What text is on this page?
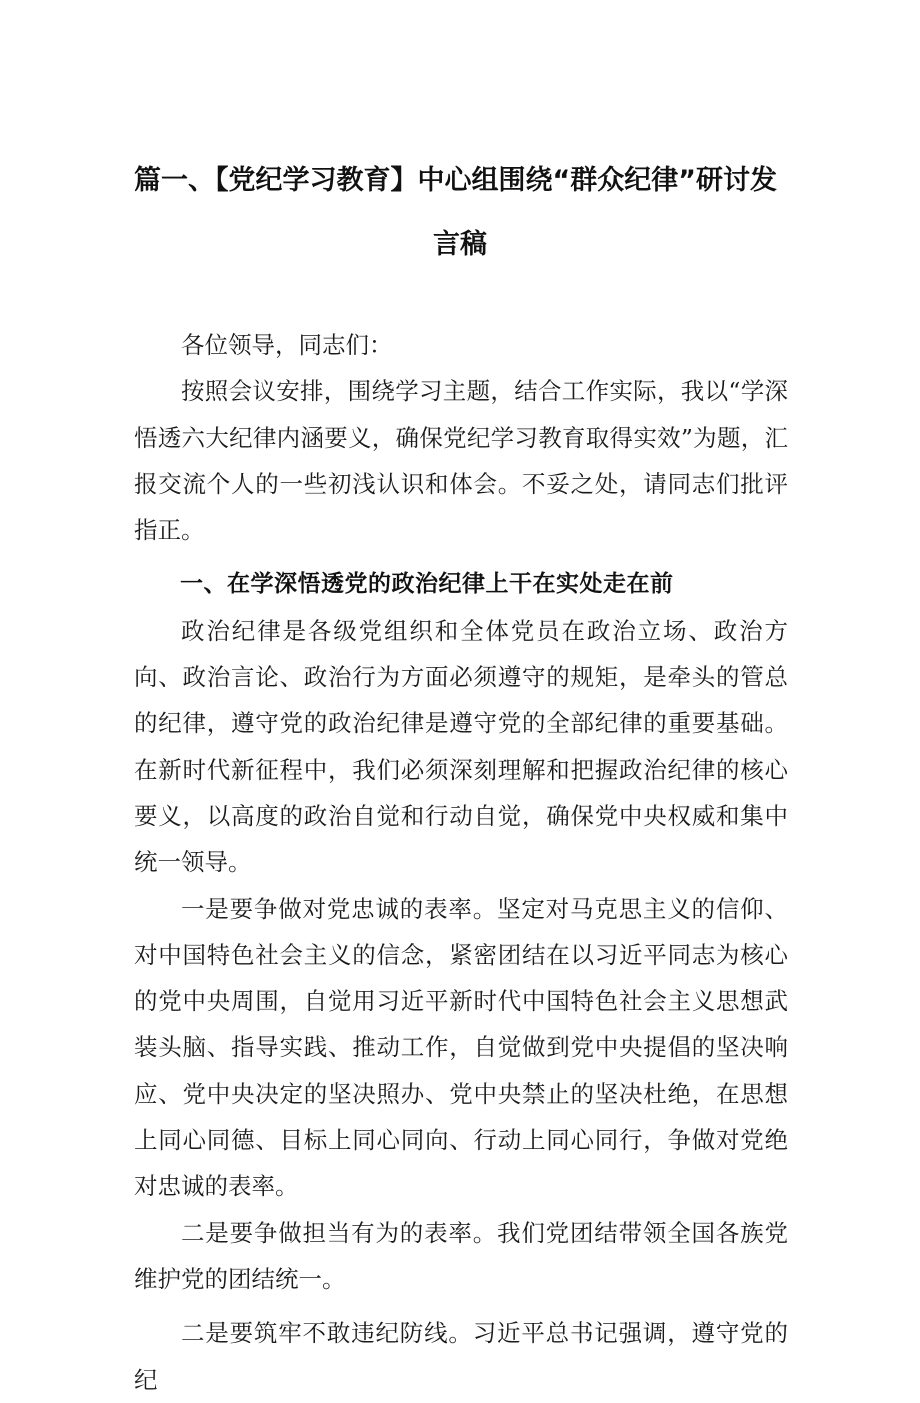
篇一、【党纪学习教育】中心组围绕“群众纪律”研讨发
言稿

各位领导，同志们：

按照会议安排，围绕学习主题，结合工作实际，我以“学深悟透六大纪律内涵要义，确保党纪学习教育取得实效”为题，汇报交流个人的一些初浅认识和体会。不妥之处，请同志们批评指正。

一、在学深悟透党的政治纪律上干在实处走在前

政治纪律是各级党组织和全体党员在政治立场、政治方向、政治言论、政治行为方面必须遵守的规矩，是牵头的管总的纪律，遵守党的政治纪律是遵守党的全部纪律的重要基础。在新时代新征程中，我们必须深刻理解和把握政治纪律的核心要义，以高度的政治自觉和行动自觉，确保党中央权威和集中统一领导。

一是要争做对党忠诚的表率。坚定对马克思主义的信仰、对中国特色社会主义的信念，紧密团结在以习近平同志为核心的党中央周围，自觉用习近平新时代中国特色社会主义思想武装头脑、指导实践、推动工作，自觉做到党中央提倡的坚决响应、党中央决定的坚决照办、党中央禁止的坚决杜绝，在思想上同心同德、目标上同心同向、行动上同心同行，争做对党绝对忠诚的表率。

二是要争做担当有为的表率。我们党团结带领全国各族党维护党的团结统一。

二是要筑牢不敢违纪防线。习近平总书记强调，遵守党的纪
